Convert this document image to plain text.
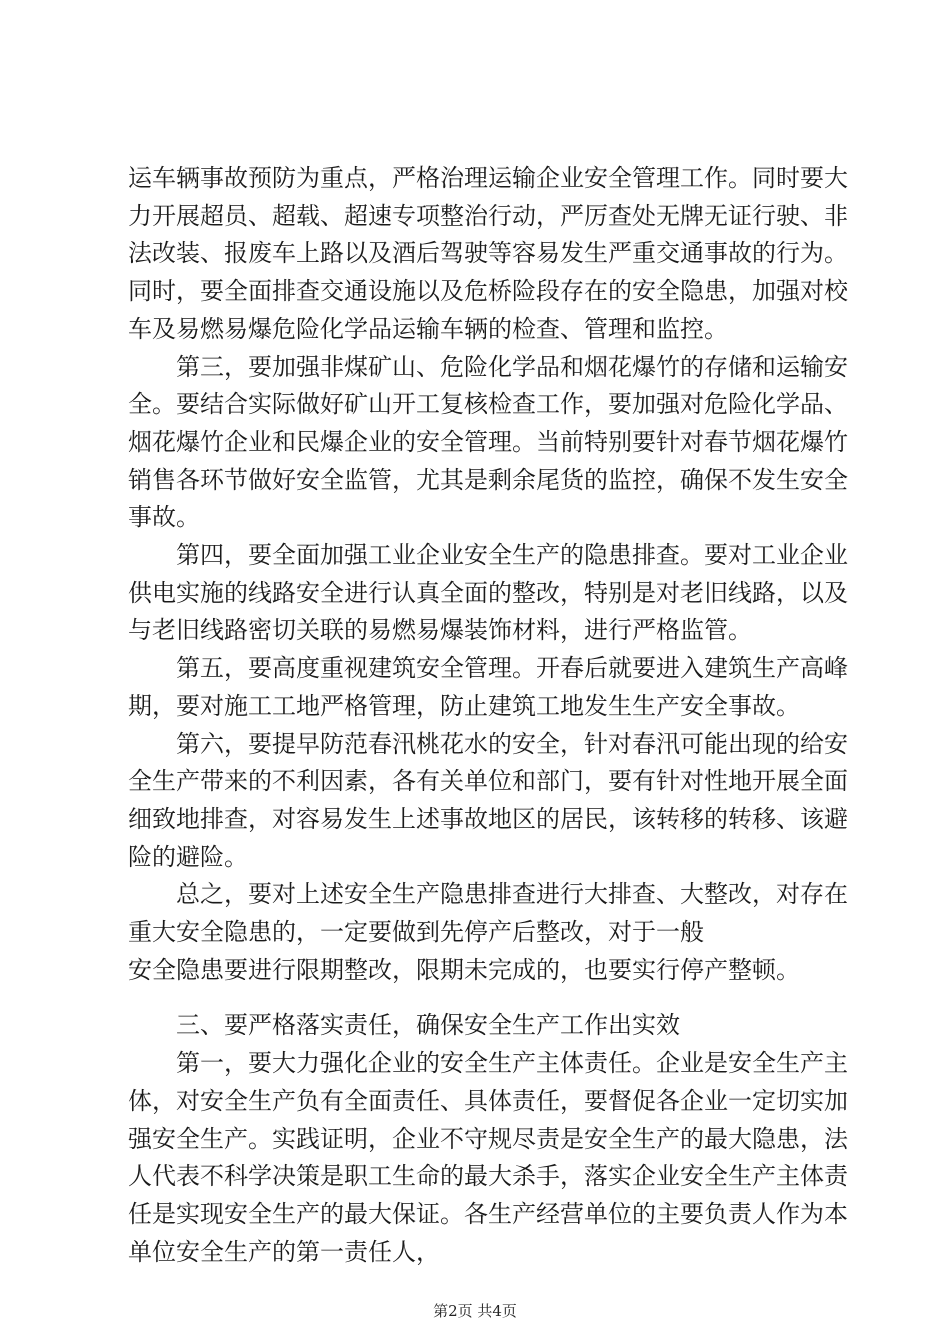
运车辆事故预防为重点，严格治理运输企业安全管理工作。同时要大力开展超员、超载、超速专项整治行动，严厉查处无牌无证行驶、非法改装、报废车上路以及酒后驾驶等容易发生严重交通事故的行为。同时，要全面排查交通设施以及危桥险段存在的安全隐患，加强对校车及易燃易爆危险化学品运输车辆的检查、管理和监控。

第三，要加强非煤矿山、危险化学品和烟花爆竹的存储和运输安全。要结合实际做好矿山开工复核检查工作，要加强对危险化学品、烟花爆竹企业和民爆企业的安全管理。当前特别要针对春节烟花爆竹销售各环节做好安全监管，尤其是剩余尾货的监控，确保不发生安全事故。

第四，要全面加强工业企业安全生产的隐患排查。要对工业企业供电实施的线路安全进行认真全面的整改，特别是对老旧线路，以及与老旧线路密切关联的易燃易爆装饰材料，进行严格监管。

第五，要高度重视建筑安全管理。开春后就要进入建筑生产高峰期，要对施工工地严格管理，防止建筑工地发生生产安全事故。

第六，要提早防范春汛桃花水的安全，针对春汛可能出现的给安全生产带来的不利因素，各有关单位和部门，要有针对性地开展全面细致地排查，对容易发生上述事故地区的居民，该转移的转移、该避险的避险。

总之，要对上述安全生产隐患排查进行大排查、大整改，对存在重大安全隐患的，一定要做到先停产后整改，对于一般

安全隐患要进行限期整改，限期未完成的，也要实行停产整顿。

三、要严格落实责任，确保安全生产工作出实效

第一，要大力强化企业的安全生产主体责任。企业是安全生产主体，对安全生产负有全面责任、具体责任，要督促各企业一定切实加强安全生产。实践证明，企业不守规尽责是安全生产的最大隐患，法人代表不科学决策是职工生命的最大杀手，落实企业安全生产主体责任是实现安全生产的最大保证。各生产经营单位的主要负责人作为本单位安全生产的第一责任人，

第2页 共4页
